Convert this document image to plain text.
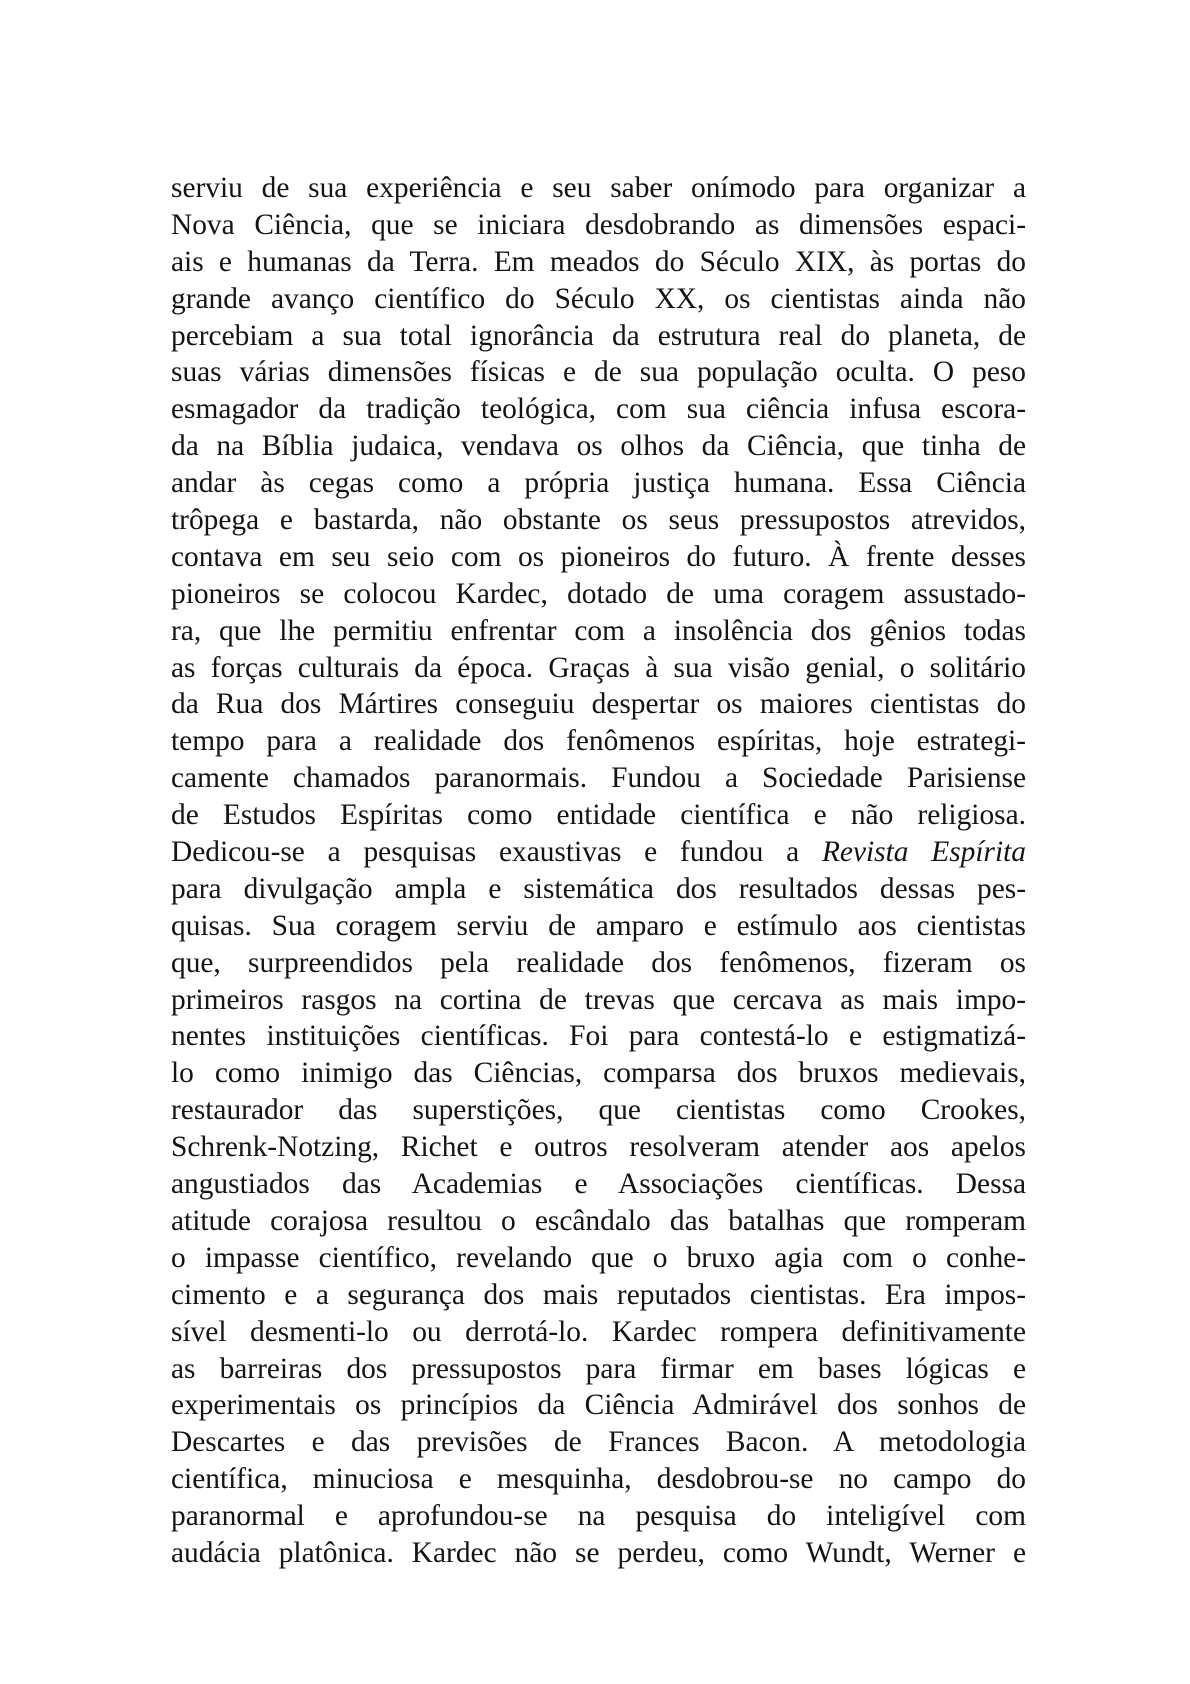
serviu de sua experiência e seu saber onímodo para organizar a
Nova Ciência, que se iniciara desdobrando as dimensões espaci-
ais e humanas da Terra. Em meados do Século XIX, às portas do
grande avanço científico do Século XX, os cientistas ainda não
percebiam a sua total ignorância da estrutura real do planeta, de
suas várias dimensões físicas e de sua população oculta. O peso
esmagador da tradição teológica, com sua ciência infusa escora-
da na Bíblia judaica, vendava os olhos da Ciência, que tinha de
andar às cegas como a própria justiça humana. Essa Ciência
trôpega e bastarda, não obstante os seus pressupostos atrevidos,
contava em seu seio com os pioneiros do futuro. À frente desses
pioneiros se colocou Kardec, dotado de uma coragem assustado-
ra, que lhe permitiu enfrentar com a insolência dos gênios todas
as forças culturais da época. Graças à sua visão genial, o solitário
da Rua dos Mártires conseguiu despertar os maiores cientistas do
tempo para a realidade dos fenômenos espíritas, hoje estrategi-
camente chamados paranormais. Fundou a Sociedade Parisiense
de Estudos Espíritas como entidade científica e não religiosa.
Dedicou-se a pesquisas exaustivas e fundou a Revista Espírita
para divulgação ampla e sistemática dos resultados dessas pes-
quisas. Sua coragem serviu de amparo e estímulo aos cientistas
que, surpreendidos pela realidade dos fenômenos, fizeram os
primeiros rasgos na cortina de trevas que cercava as mais impo-
nentes instituições científicas. Foi para contestá-lo e estigmatizá-
lo como inimigo das Ciências, comparsa dos bruxos medievais,
restaurador das superstições, que cientistas como Crookes,
Schrenk-Notzing, Richet e outros resolveram atender aos apelos
angustiados das Academias e Associações científicas. Dessa
atitude corajosa resultou o escândalo das batalhas que romperam
o impasse científico, revelando que o bruxo agia com o conhe-
cimento e a segurança dos mais reputados cientistas. Era impos-
sível desmenti-lo ou derrotá-lo. Kardec rompera definitivamente
as barreiras dos pressupostos para firmar em bases lógicas e
experimentais os princípios da Ciência Admirável dos sonhos de
Descartes e das previsões de Frances Bacon. A metodologia
científica, minuciosa e mesquinha, desdobrou-se no campo do
paranormal e aprofundou-se na pesquisa do inteligível com
audácia platônica. Kardec não se perdeu, como Wundt, Werner e
